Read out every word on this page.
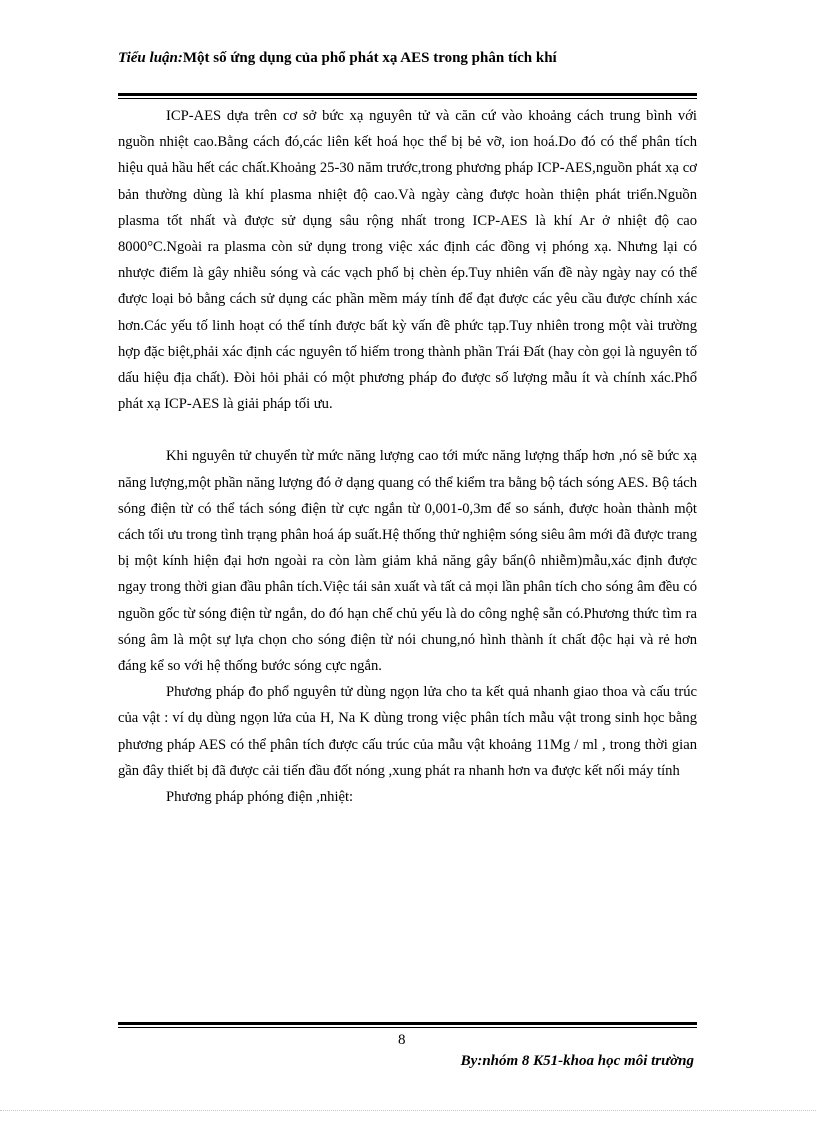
Tiểu luận:Một số ứng dụng của phổ phát xạ AES trong phân tích khí

ICP-AES dựa trên cơ sở bức xạ nguyên tử và căn cứ vào khoảng cách trung bình với nguồn nhiệt cao.Bằng cách đó,các liên kết hoá học thể bị bẻ vỡ, ion hoá.Do đó có thể phân tích hiệu quả hầu hết các chất.Khoảng 25-30 năm trước,trong phương pháp ICP-AES,nguồn phát xạ cơ bản thường dùng là khí plasma nhiệt độ cao.Và ngày càng được hoàn thiện phát triển.Nguồn plasma tốt nhất và được sử dụng sâu rộng nhất trong ICP-AES là khí Ar ở nhiệt độ cao 8000°C.Ngoài ra plasma còn sử dụng trong việc xác định các đồng vị phóng xạ. Nhưng lại có nhược điểm là gây nhiễu sóng và các vạch phổ bị chèn ép.Tuy nhiên vấn đề này ngày nay có thể được loại bỏ bằng cách sử dụng các phần mềm máy tính để đạt được các yêu cầu được chính xác hơn.Các yếu tố linh hoạt có thể tính được bất kỳ vấn đề phức tạp.Tuy nhiên trong một vài trường hợp đặc biệt,phải xác định các nguyên tố hiếm trong thành phần Trái Đất (hay còn gọi là nguyên tố dấu hiệu địa chất). Đòi hỏi phải có một phương pháp đo được số lượng mẫu ít và chính xác.Phổ phát xạ ICP-AES là giải pháp tối ưu.

Khi nguyên tử chuyển từ mức năng lượng cao tới mức năng lượng thấp hơn ,nó sẽ bức xạ năng lượng,một phần năng lượng đó ở dạng quang có thể kiểm tra bằng bộ tách sóng AES. Bộ tách sóng điện từ có thể tách sóng điện từ cực ngắn từ 0,001-0,3m để so sánh, được hoàn thành một cách tối ưu trong tình trạng phân hoá áp suất.Hệ thống thử nghiệm sóng siêu âm mới đã được trang bị một kính hiện đại hơn ngoài ra còn làm giảm khả năng gây bẩn(ô nhiễm)mẫu,xác định được ngay trong thời gian đầu phân tích.Việc tái sản xuất và tất cả mọi lần phân tích cho sóng âm đều có nguồn gốc từ sóng điện từ ngắn, do đó hạn chế chủ yếu là do công nghệ sẵn có.Phương thức tìm ra sóng âm là một sự lựa chọn cho sóng điện từ nói chung,nó hình thành ít chất độc hại và rẻ hơn đáng kể so với hệ thống bước sóng cực ngắn.

Phương pháp đo phổ nguyên tử dùng ngọn lửa cho ta kết quả nhanh giao thoa và cấu trúc của vật : ví dụ dùng ngọn lửa của H, Na K dùng trong việc phân tích mẫu vật trong sinh học bằng phương pháp AES có thể phân tích được cấu trúc của mẫu vật khoảng 11Mg / ml , trong thời gian gần đây thiết bị đã được cải tiến đầu đốt nóng ,xung phát ra nhanh hơn va được kết nối máy tính

Phương pháp phóng điện ,nhiệt:

8
By:nhóm 8 K51-khoa học môi trường
